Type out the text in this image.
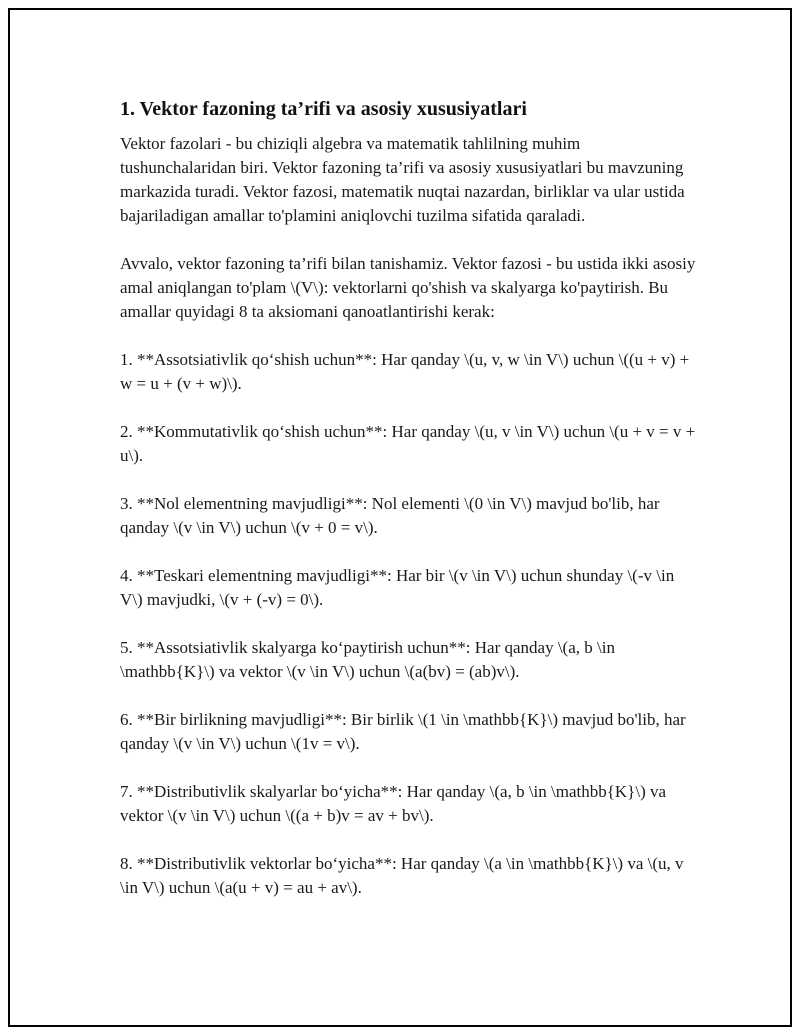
1. Vektor fazoning ta’rifi va asosiy xususiyatlari

Vektor fazolari - bu chiziqli algebra va matematik tahlilning muhim tushunchalaridan biri. Vektor fazoning ta’rifi va asosiy xususiyatlari bu mavzuning markazida turadi. Vektor fazosi, matematik nuqtai nazardan, birliklar va ular ustida bajariladigan amallar to'plamini aniqlovchi tuzilma sifatida qaraladi.

Avvalo, vektor fazoning ta’rifi bilan tanishamiz. Vektor fazosi - bu ustida ikki asosiy amal aniqlangan to'plam \(V\): vektorlarni qo'shish va skalyarga ko'paytirish. Bu amallar quyidagi 8 ta aksiomani qanoatlantirishi kerak:

1. **Assotsiativlik qo‘shish uchun**: Har qanday \(u, v, w \in V\) uchun \((u + v) + w = u + (v + w)\).

2. **Kommutativlik qo‘shish uchun**: Har qanday \(u, v \in V\) uchun \(u + v = v + u\).

3. **Nol elementning mavjudligi**: Nol elementi \(0 \in V\) mavjud bo'lib, har qanday \(v \in V\) uchun \(v + 0 = v\).

4. **Teskari elementning mavjudligi**: Har bir \(v \in V\) uchun shunday \(-v \in V\) mavjudki, \(v + (-v) = 0\).

5. **Assotsiativlik skalyarga ko‘paytirish uchun**: Har qanday \(a, b \in \mathbb{K}\) va vektor \(v \in V\) uchun \(a(bv) = (ab)v\).

6. **Bir birlikning mavjudligi**: Bir birlik \(1 \in \mathbb{K}\) mavjud bo'lib, har qanday \(v \in V\) uchun \(1v = v\).

7. **Distributivlik skalyarlar bo‘yicha**: Har qanday \(a, b \in \mathbb{K}\) va vektor \(v \in V\) uchun \((a + b)v = av + bv\).

8. **Distributivlik vektorlar bo‘yicha**: Har qanday \(a \in \mathbb{K}\) va \(u, v \in V\) uchun \(a(u + v) = au + av\).
